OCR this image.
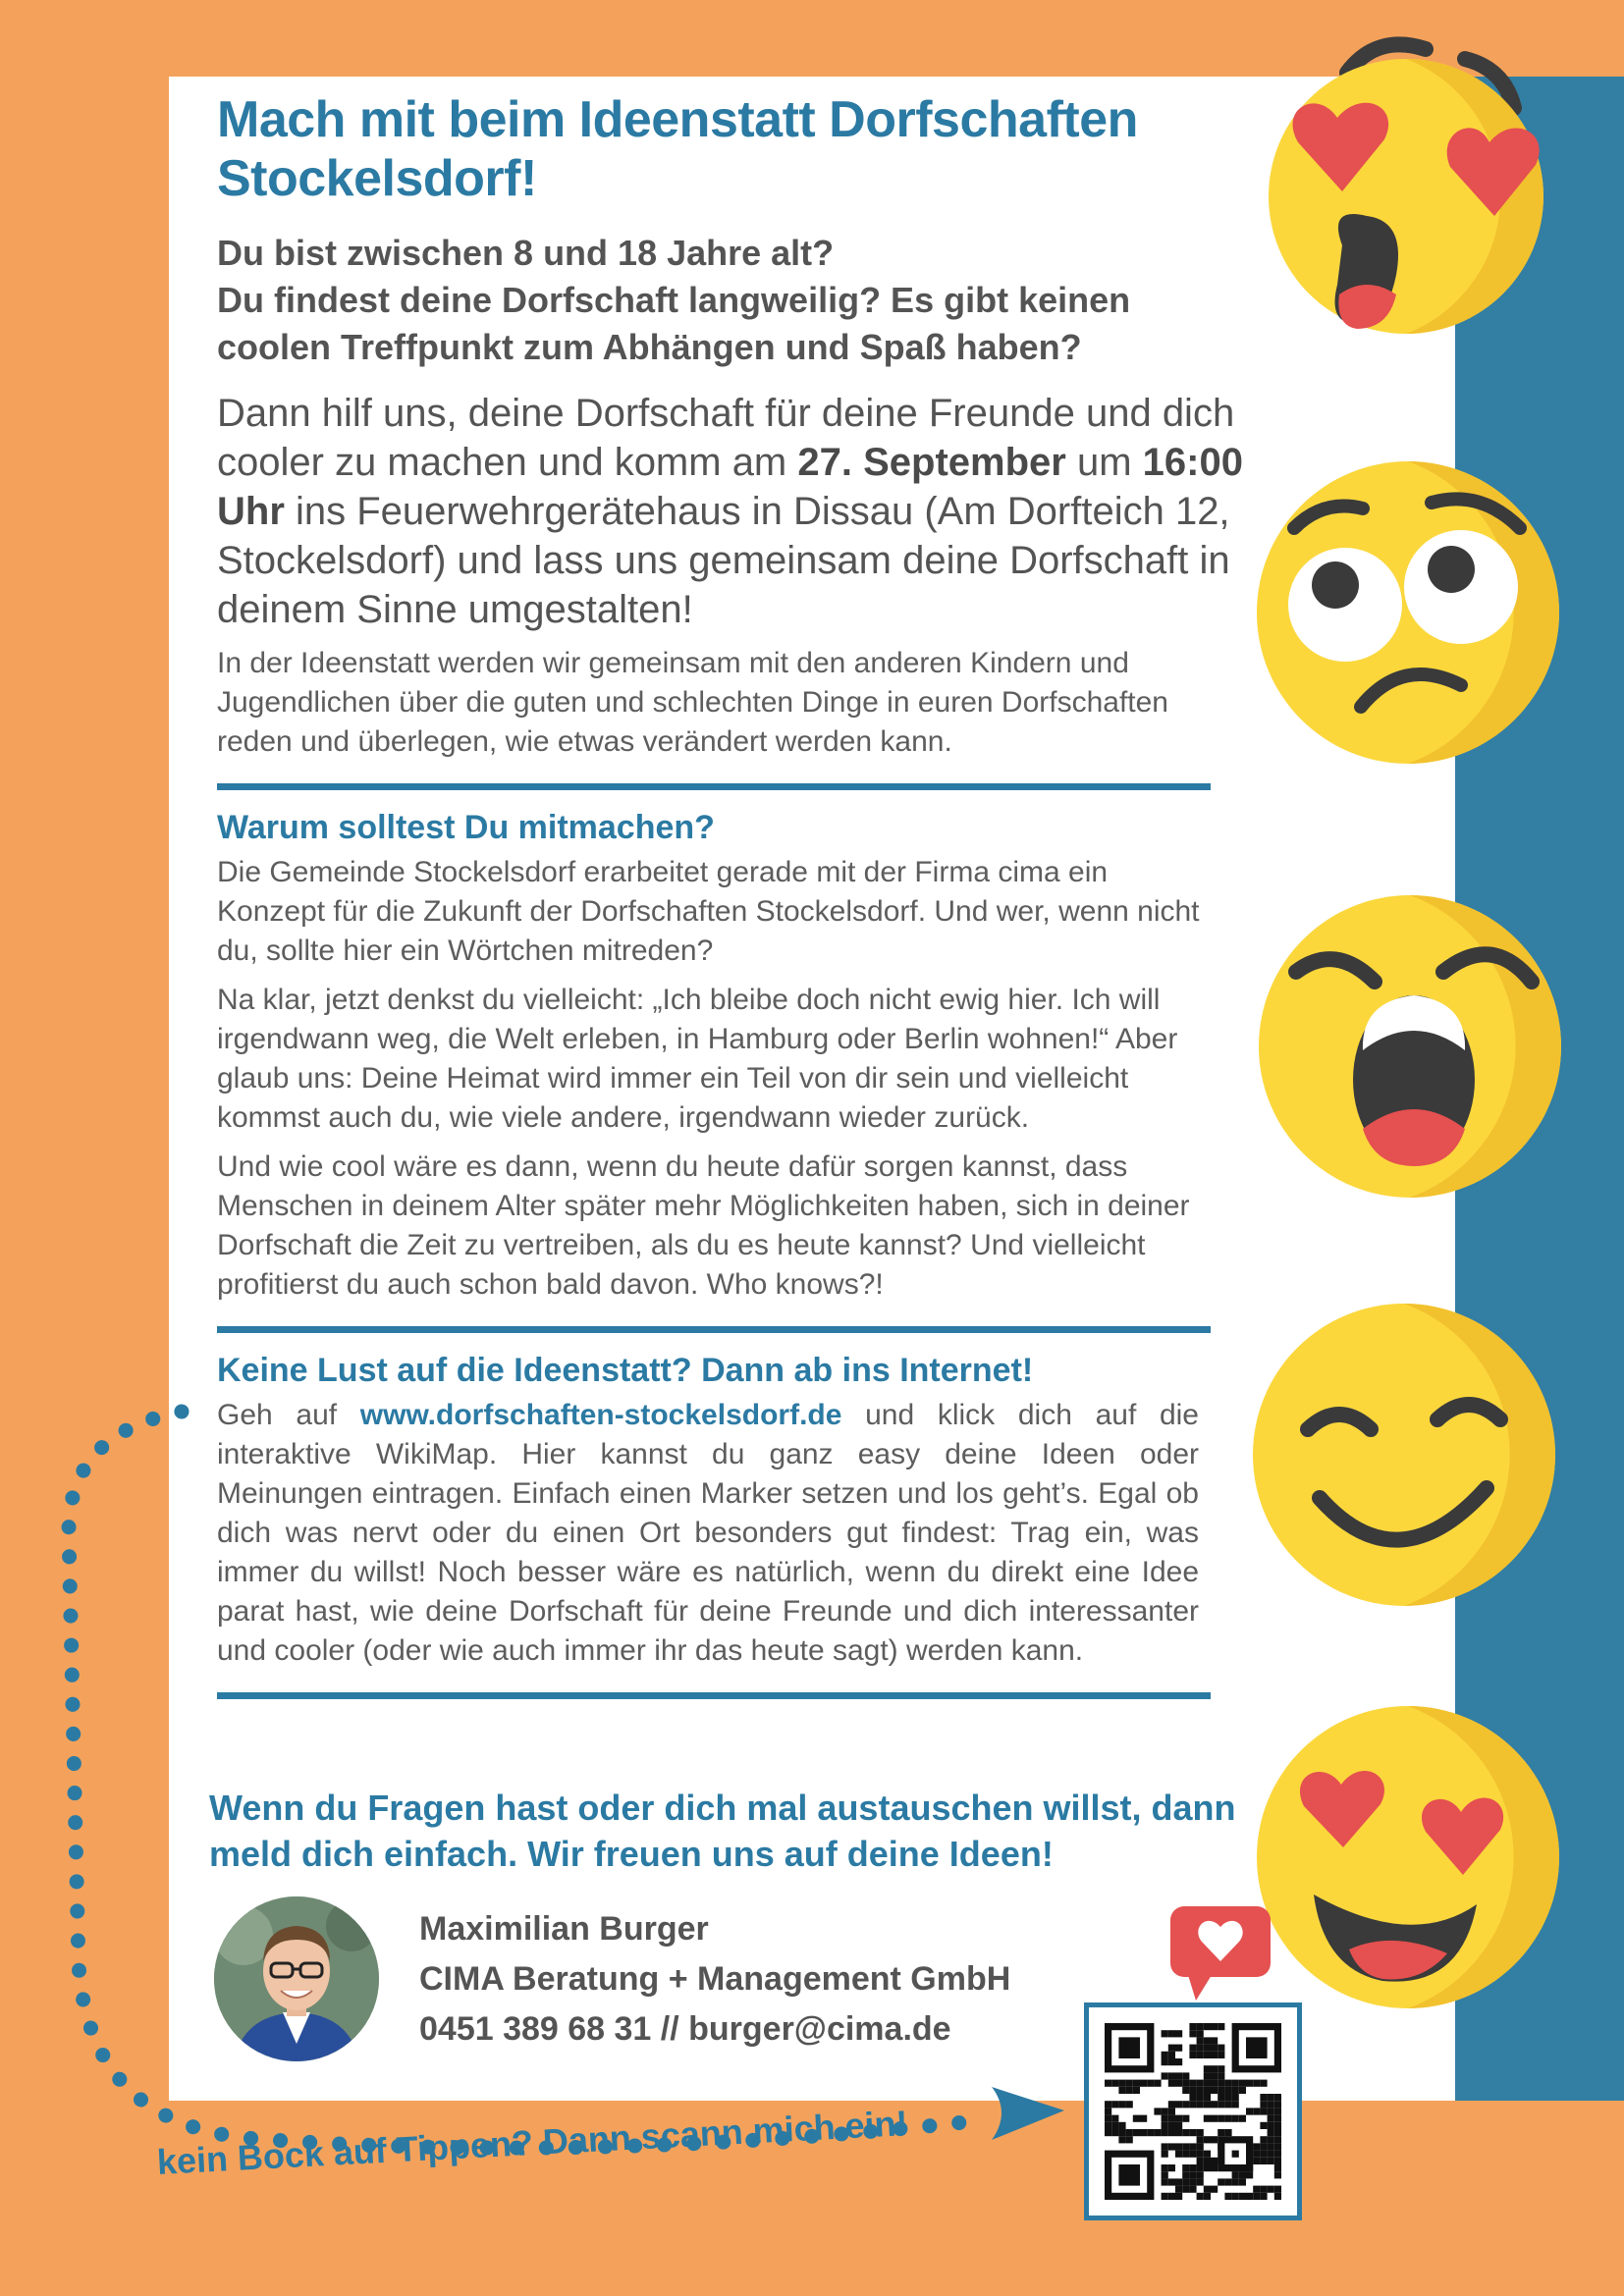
Mach mit beim Ideenstatt Dorfschaften Stockelsdorf!

Du bist zwischen 8 und 18 Jahre alt?
Du findest deine Dorfschaft langweilig? Es gibt keinen coolen Treffpunkt zum Abhängen und Spaß haben?

Dann hilf uns, deine Dorfschaft für deine Freunde und dich cooler zu machen und komm am 27. September um 16:00 Uhr ins Feuerwehrgerätehaus in Dissau (Am Dorfteich 12, Stockelsdorf) und lass uns gemeinsam deine Dorfschaft in deinem Sinne umgestalten!

In der Ideenstatt werden wir gemeinsam mit den anderen Kindern und Jugendlichen über die guten und schlechten Dinge in euren Dorfschaften reden und überlegen, wie etwas verändert werden kann.

Warum solltest Du mitmachen?

Die Gemeinde Stockelsdorf erarbeitet gerade mit der Firma cima ein Konzept für die Zukunft der Dorfschaften Stockelsdorf. Und wer, wenn nicht du, sollte hier ein Wörtchen mitreden?

Na klar, jetzt denkst du vielleicht: „Ich bleibe doch nicht ewig hier. Ich will irgendwann weg, die Welt erleben, in Hamburg oder Berlin wohnen!“ Aber glaub uns: Deine Heimat wird immer ein Teil von dir sein und vielleicht kommst auch du, wie viele andere, irgendwann wieder zurück.

Und wie cool wäre es dann, wenn du heute dafür sorgen kannst, dass Menschen in deinem Alter später mehr Möglichkeiten haben, sich in deiner Dorfschaft die Zeit zu vertreiben, als du es heute kannst? Und vielleicht profitierst du auch schon bald davon. Who knows?!

Keine Lust auf die Ideenstatt? Dann ab ins Internet!

Geh auf www.dorfschaften-stockelsdorf.de und klick dich auf die interaktive WikiMap. Hier kannst du ganz easy deine Ideen oder Meinungen eintragen. Einfach einen Marker setzen und los geht’s. Egal ob dich was nervt oder du einen Ort besonders gut findest: Trag ein, was immer du willst! Noch besser wäre es natürlich, wenn du direkt eine Idee parat hast, wie deine Dorfschaft für deine Freunde und dich interessanter und cooler (oder wie auch immer ihr das heute sagt) werden kann.

Wenn du Fragen hast oder dich mal austauschen willst, dann meld dich einfach. Wir freuen uns auf deine Ideen!

Maximilian Burger
CIMA Beratung + Management GmbH
0451 389 68 31 // burger@cima.de

kein Bock auf Tippen? Dann scann mich ein!
